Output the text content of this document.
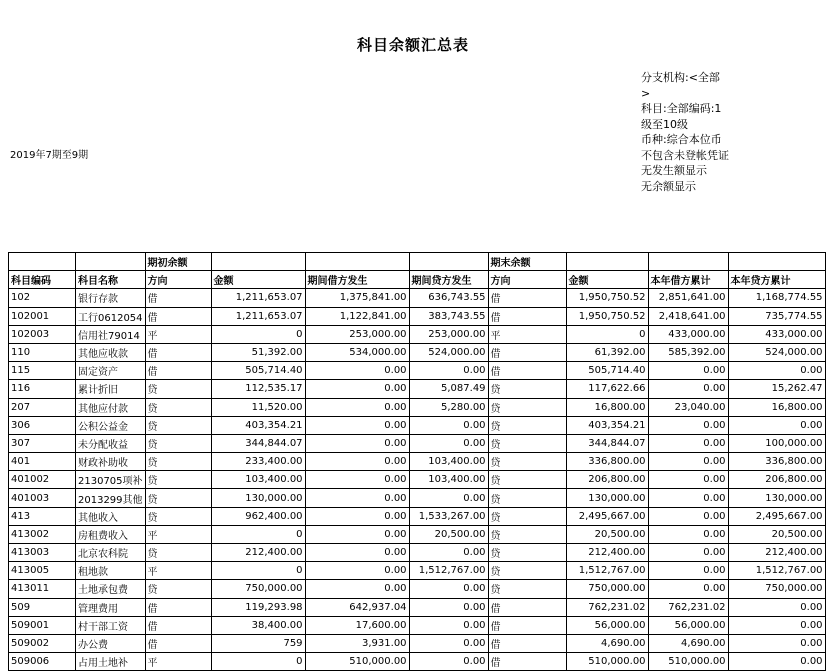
科目余额汇总表
2019年7期至9期
分支机构:<全部>
科目:全部编码:1级至10级
币种:综合本位币
不包含未登帐凭证
无发生额显示
无余额显示
		期初余额				期末余额			
科目编码	科目名称	方向	金额	期间借方发生	期间贷方发生	方向	金额	本年借方累计	本年贷方累计
102	银行存款	借	1,211,653.07	1,375,841.00	636,743.55	借	1,950,750.52	2,851,641.00	1,168,774.55
102001	工行0612054	借	1,211,653.07	1,122,841.00	383,743.55	借	1,950,750.52	2,418,641.00	735,774.55
102003	信用社79014	平	0	253,000.00	253,000.00	平	0	433,000.00	433,000.00
110	其他应收款	借	51,392.00	534,000.00	524,000.00	借	61,392.00	585,392.00	524,000.00
115	固定资产	借	505,714.40	0.00	0.00	借	505,714.40	0.00	0.00
116	累计折旧	贷	112,535.17	0.00	5,087.49	贷	117,622.66	0.00	15,262.47
207	其他应付款	贷	11,520.00	0.00	5,280.00	贷	16,800.00	23,040.00	16,800.00
306	公积公益金	贷	403,354.21	0.00	0.00	贷	403,354.21	0.00	0.00
307	未分配收益	贷	344,844.07	0.00	0.00	贷	344,844.07	0.00	100,000.00
401	财政补助收	贷	233,400.00	0.00	103,400.00	贷	336,800.00	0.00	336,800.00
401002	2130705项补	贷	103,400.00	0.00	103,400.00	贷	206,800.00	0.00	206,800.00
401003	2013299其他	贷	130,000.00	0.00	0.00	贷	130,000.00	0.00	130,000.00
413	其他收入	贷	962,400.00	0.00	1,533,267.00	贷	2,495,667.00	0.00	2,495,667.00
413002	房租费收入	平	0	0.00	20,500.00	贷	20,500.00	0.00	20,500.00
413003	北京农科院	贷	212,400.00	0.00	0.00	贷	212,400.00	0.00	212,400.00
413005	租地款	平	0	0.00	1,512,767.00	贷	1,512,767.00	0.00	1,512,767.00
413011	土地承包费	贷	750,000.00	0.00	0.00	贷	750,000.00	0.00	750,000.00
509	管理费用	借	119,293.98	642,937.04	0.00	借	762,231.02	762,231.02	0.00
509001	村干部工资	借	38,400.00	17,600.00	0.00	借	56,000.00	56,000.00	0.00
509002	办公费	借	759	3,931.00	0.00	借	4,690.00	4,690.00	0.00
509006	占用土地补	平	0	510,000.00	0.00	借	510,000.00	510,000.00	0.00
